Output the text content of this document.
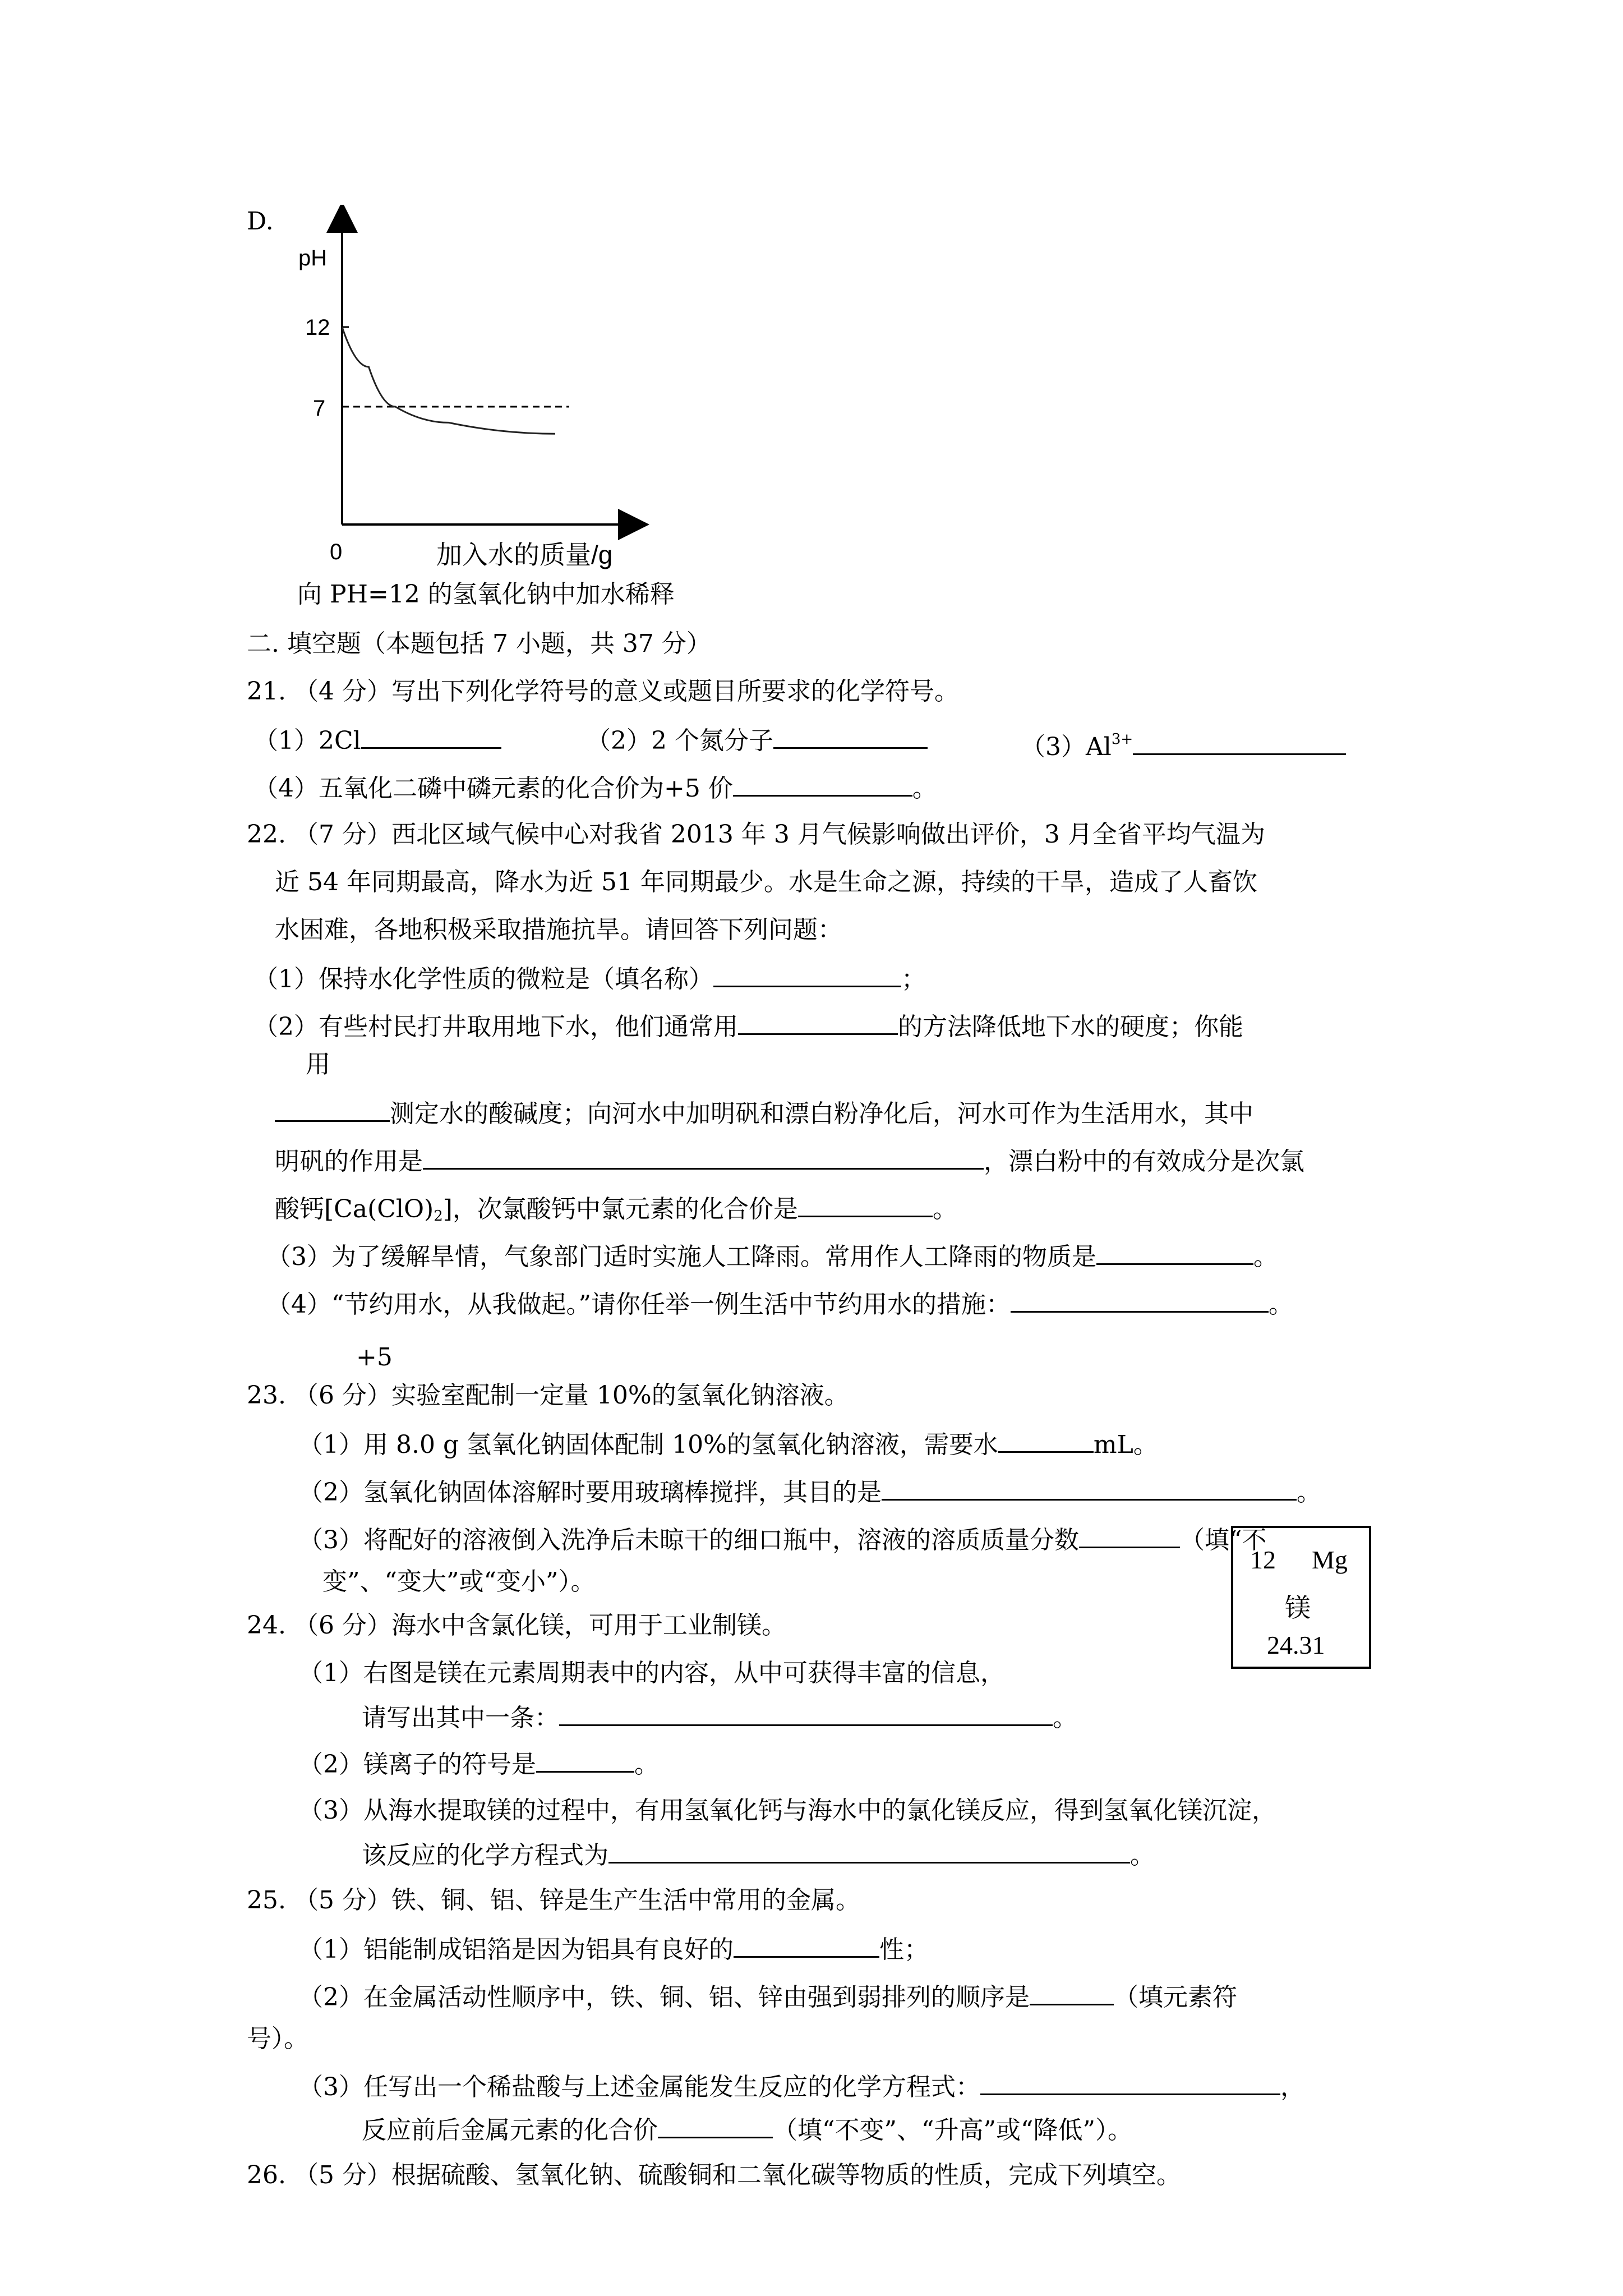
D.
pH
12
7
0	加入水的质量/g
向 PH=12 的氢氧化钠中加水稀释
二. 填空题（本题包括 7 小题，共 37 分）
21. （4 分）写出下列化学符号的意义或题目所要求的化学符号。
（1）2Cl	（2）2 个氮分子	$(3)Al^{3+}$
（4）五氧化二磷中磷元素的化合价为+5 价	。
22. （7 分）西北区域气候中心对我省 2013 年 3 月气候影响做出评价，3 月全省平均气温为
近 54 年同期最高，降水为近 51 年同期最少。水是生命之源，持续的干旱，造成了人畜饮
水困难，各地积极采取措施抗旱。请回答下列问题：
（1）保持水化学性质的微粒是（填名称）	；
（2）有些村民打井取用地下水，他们通常用	的方法降低地下水的硬度；你能
用
测定水的酸碱度；向河水中加明矾和漂白粉净化后，河水可作为生活用水，其中
明矾的作用是	，漂白粉中的有效成分是次氯
酸钙$[Ca(ClO)_2]$，次氯酸钙中氯元素的化合价是	。
（3）为了缓解旱情，气象部门适时实施人工降雨。常用作人工降雨的物质是	。
（4）“节约用水，从我做起。”请你任举一例生活中节约用水的措施：	。
+5
23. （6 分）实验室配制一定量 10%的氢氧化钠溶液。
（1）用 8.0 g 氢氧化钠固体配制 10%的氢氧化钠溶液，需要水	mL。
（2）氢氧化钠固体溶解时要用玻璃棒搅拌，其目的是	。
（3）将配好的溶液倒入洗净后未晾干的细口瓶中，溶液的溶质质量分数	（填“不
变”、“变大”或“变小”）。
24. （6 分）海水中含氯化镁，可用于工业制镁。
（1）右图是镁在元素周期表中的内容，从中可获得丰富的信息，
请写出其中一条：	。
（2）镁离子的符号是	。
（3）从海水提取镁的过程中，有用氢氧化钙与海水中的氯化镁反应，得到氢氧化镁沉淀，
该反应的化学方程式为	。
12 Mg
镁
24.31
25. （5 分）铁、铜、铝、锌是生产生活中常用的金属。
（1）铝能制成铝箔是因为铝具有良好的	性；
（2）在金属活动性顺序中，铁、铜、铝、锌由强到弱排列的顺序是	（填元素符
号）。
（3）任写出一个稀盐酸与上述金属能发生反应的化学方程式：	，
反应前后金属元素的化合价	（填“不变”、“升高”或“降低”）。
26. （5 分）根据硫酸、氢氧化钠、硫酸铜和二氧化碳等物质的性质，完成下列填空。
